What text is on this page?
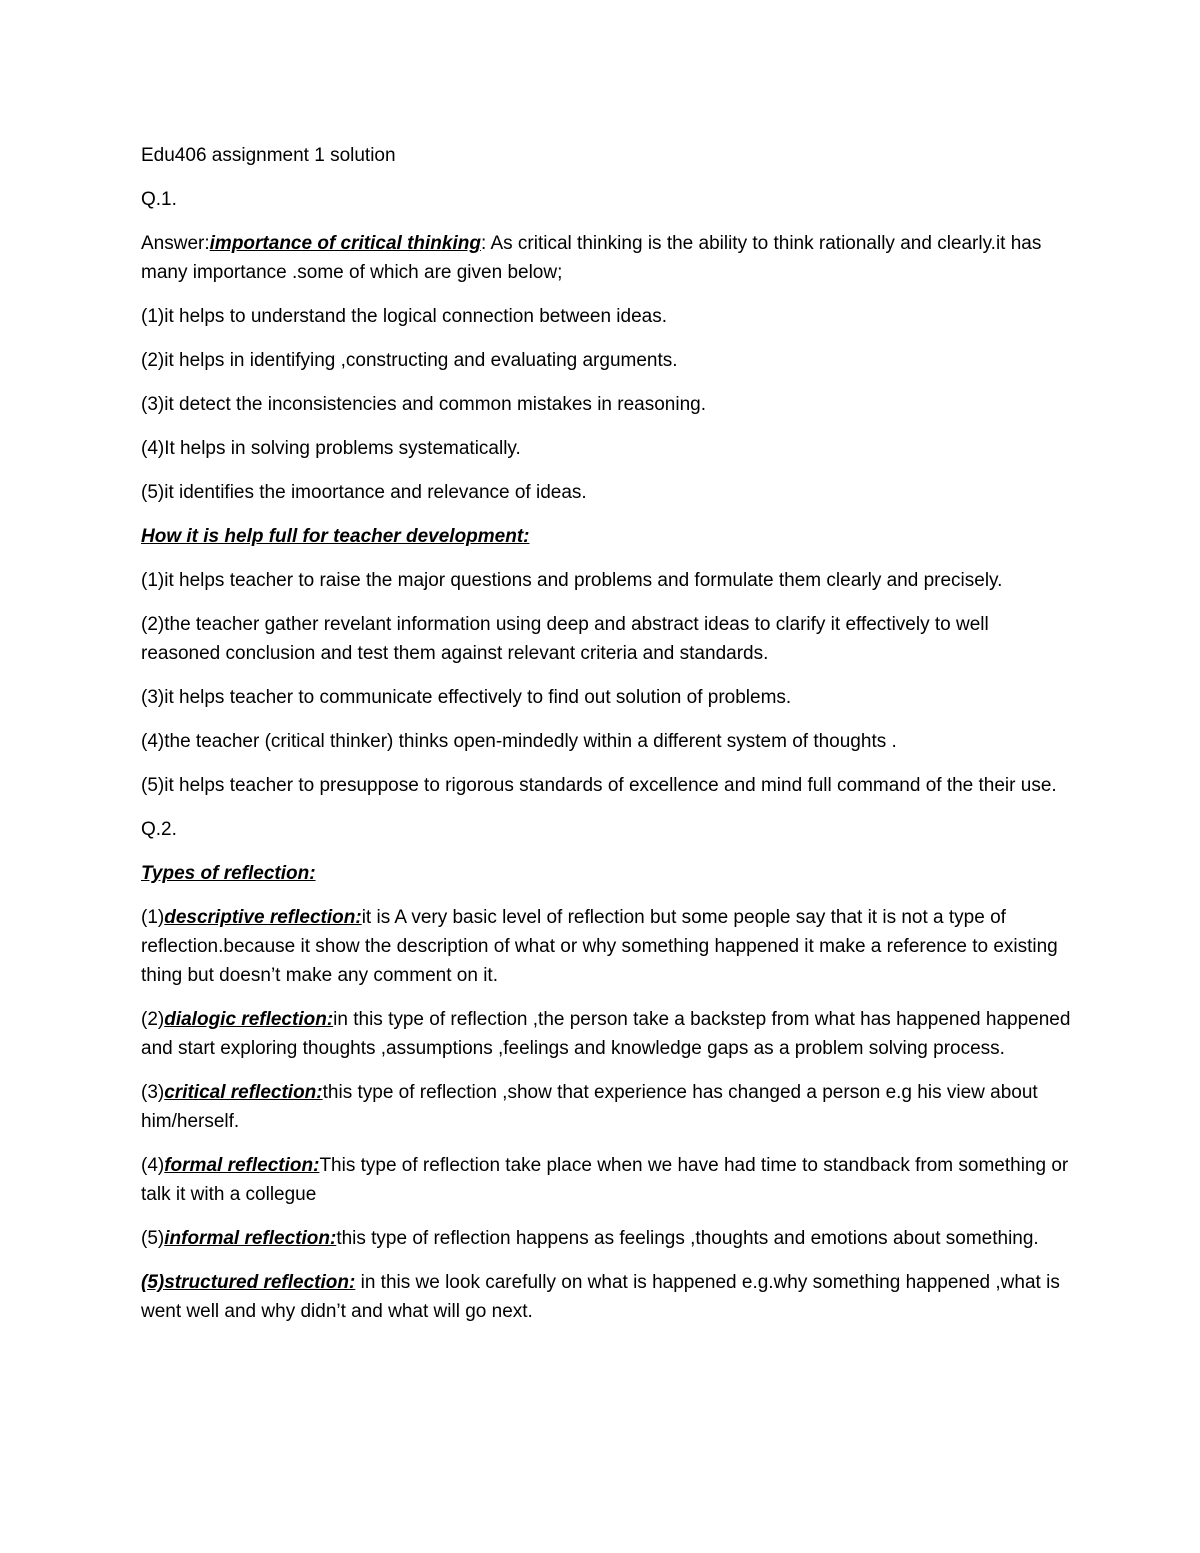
Edu406 assignment 1 solution

Q.1.

Answer:importance of critical thinking: As critical thinking is the ability to think rationally and clearly.it has many importance .some of which are given below;

(1)it helps to understand the logical connection between ideas.

(2)it helps in identifying ,constructing and evaluating arguments.

(3)it detect the inconsistencies and common mistakes in reasoning.

(4)It helps in solving problems systematically.

(5)it identifies the imoortance and relevance of ideas.

How it is help full for teacher development:

(1)it helps teacher to raise the major questions and problems and formulate them clearly and precisely.

(2)the teacher gather revelant information using deep and abstract ideas to clarify it effectively to well reasoned conclusion and test them against relevant criteria and standards.

(3)it helps teacher to communicate effectively to find out solution of problems.

(4)the teacher (critical thinker) thinks open-mindedly within a different system of thoughts .

(5)it helps teacher to presuppose to rigorous standards of excellence and mind full command of the their use.

Q.2.

Types of reflection:

(1)descriptive reflection:it is A very basic level of reflection but some people say that it is not a type of reflection.because it show the description of what or why something happened it make a reference to existing thing but doesn’t make any comment on it.

(2)dialogic reflection:in this type of reflection ,the person take a backstep from what has happened happened and start exploring thoughts ,assumptions ,feelings and knowledge gaps as a problem solving process.

(3)critical reflection:this type of reflection ,show that experience has changed a person e.g his view about him/herself.

(4)formal reflection:This type of reflection take place when we have had time to standback from something or talk it with a collegue

(5)informal reflection:this type of reflection happens as feelings ,thoughts and emotions about something.

(5)structured reflection: in this we look carefully on what is happened e.g.why something happened ,what is went well and why didn’t and what will go next.
